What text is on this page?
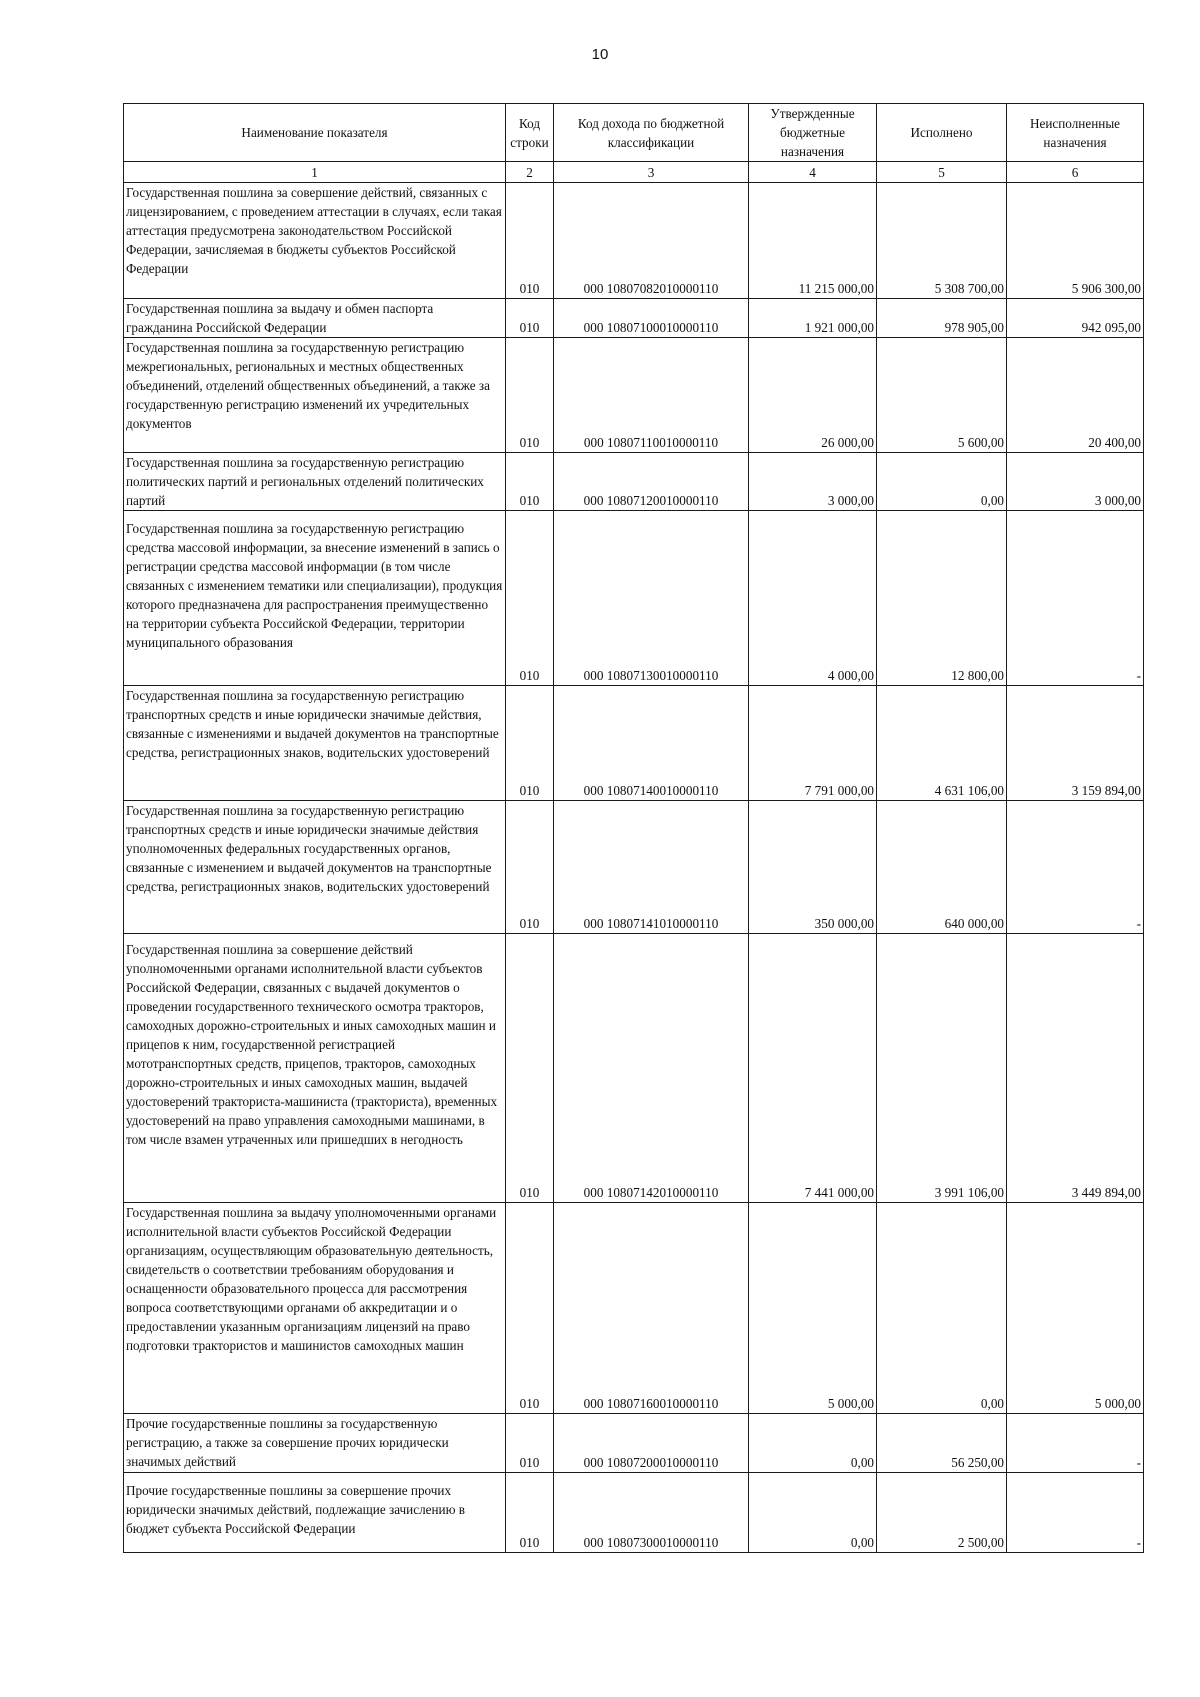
10
Наименование показателя	Код строки	Код дохода по бюджетной классификации	Утвержденные бюджетные назначения	Исполнено	Неисполненные назначения
1	2	3	4	5	6
Государственная пошлина за совершение действий, связанных с лицензированием, с проведением аттестации в случаях, если такая аттестация предусмотрена законодательством Российской Федерации, зачисляемая в бюджеты субъектов Российской Федерации	010	000 10807082010000110	11 215 000,00	5 308 700,00	5 906 300,00
Государственная пошлина за выдачу и обмен паспорта гражданина Российской Федерации	010	000 10807100010000110	1 921 000,00	978 905,00	942 095,00
Государственная пошлина за государственную регистрацию межрегиональных, региональных и местных общественных объединений, отделений общественных объединений, а также за государственную регистрацию изменений их учредительных документов	010	000 10807110010000110	26 000,00	5 600,00	20 400,00
Государственная пошлина за государственную регистрацию политических партий и региональных отделений политических партий	010	000 10807120010000110	3 000,00	0,00	3 000,00
Государственная пошлина за государственную регистрацию средства массовой информации, за внесение изменений в запись о регистрации средства массовой информации (в том числе связанных с изменением тематики или специализации), продукция которого предназначена для распространения преимущественно на территории субъекта Российской Федерации, территории муниципального образования	010	000 10807130010000110	4 000,00	12 800,00	-
Государственная пошлина за государственную регистрацию транспортных средств и иные юридически значимые действия, связанные с изменениями и выдачей документов на транспортные средства, регистрационных знаков, водительских удостоверений	010	000 10807140010000110	7 791 000,00	4 631 106,00	3 159 894,00
Государственная пошлина за государственную регистрацию транспортных средств и иные юридически значимые действия уполномоченных федеральных государственных органов, связанные с изменением и выдачей документов на транспортные средства, регистрационных знаков, водительских удостоверений	010	000 10807141010000110	350 000,00	640 000,00	-
Государственная пошлина за совершение действий уполномоченными органами исполнительной власти субъектов Российской Федерации, связанных с выдачей документов о проведении государственного технического осмотра тракторов, самоходных дорожно-строительных и иных самоходных машин и прицепов к ним, государственной регистрацией мототранспортных средств, прицепов, тракторов, самоходных дорожно-строительных и иных самоходных машин, выдачей удостоверений тракториста-машиниста (тракториста), временных удостоверений на право управления самоходными машинами, в том числе взамен утраченных или пришедших в негодность	010	000 10807142010000110	7 441 000,00	3 991 106,00	3 449 894,00
Государственная пошлина за выдачу уполномоченными органами исполнительной власти субъектов Российской Федерации организациям, осуществляющим образовательную деятельность, свидетельств о соответствии требованиям оборудования и оснащенности образовательного процесса для рассмотрения вопроса соответствующими органами об аккредитации и о предоставлении указанным организациям лицензий на право подготовки трактористов и машинистов самоходных машин	010	000 10807160010000110	5 000,00	0,00	5 000,00
Прочие государственные пошлины за государственную регистрацию, а также за совершение прочих юридически значимых действий	010	000 10807200010000110	0,00	56 250,00	-
Прочие государственные пошлины за совершение прочих юридически значимых действий, подлежащие зачислению в бюджет субъекта Российской Федерации	010	000 10807300010000110	0,00	2 500,00	-
